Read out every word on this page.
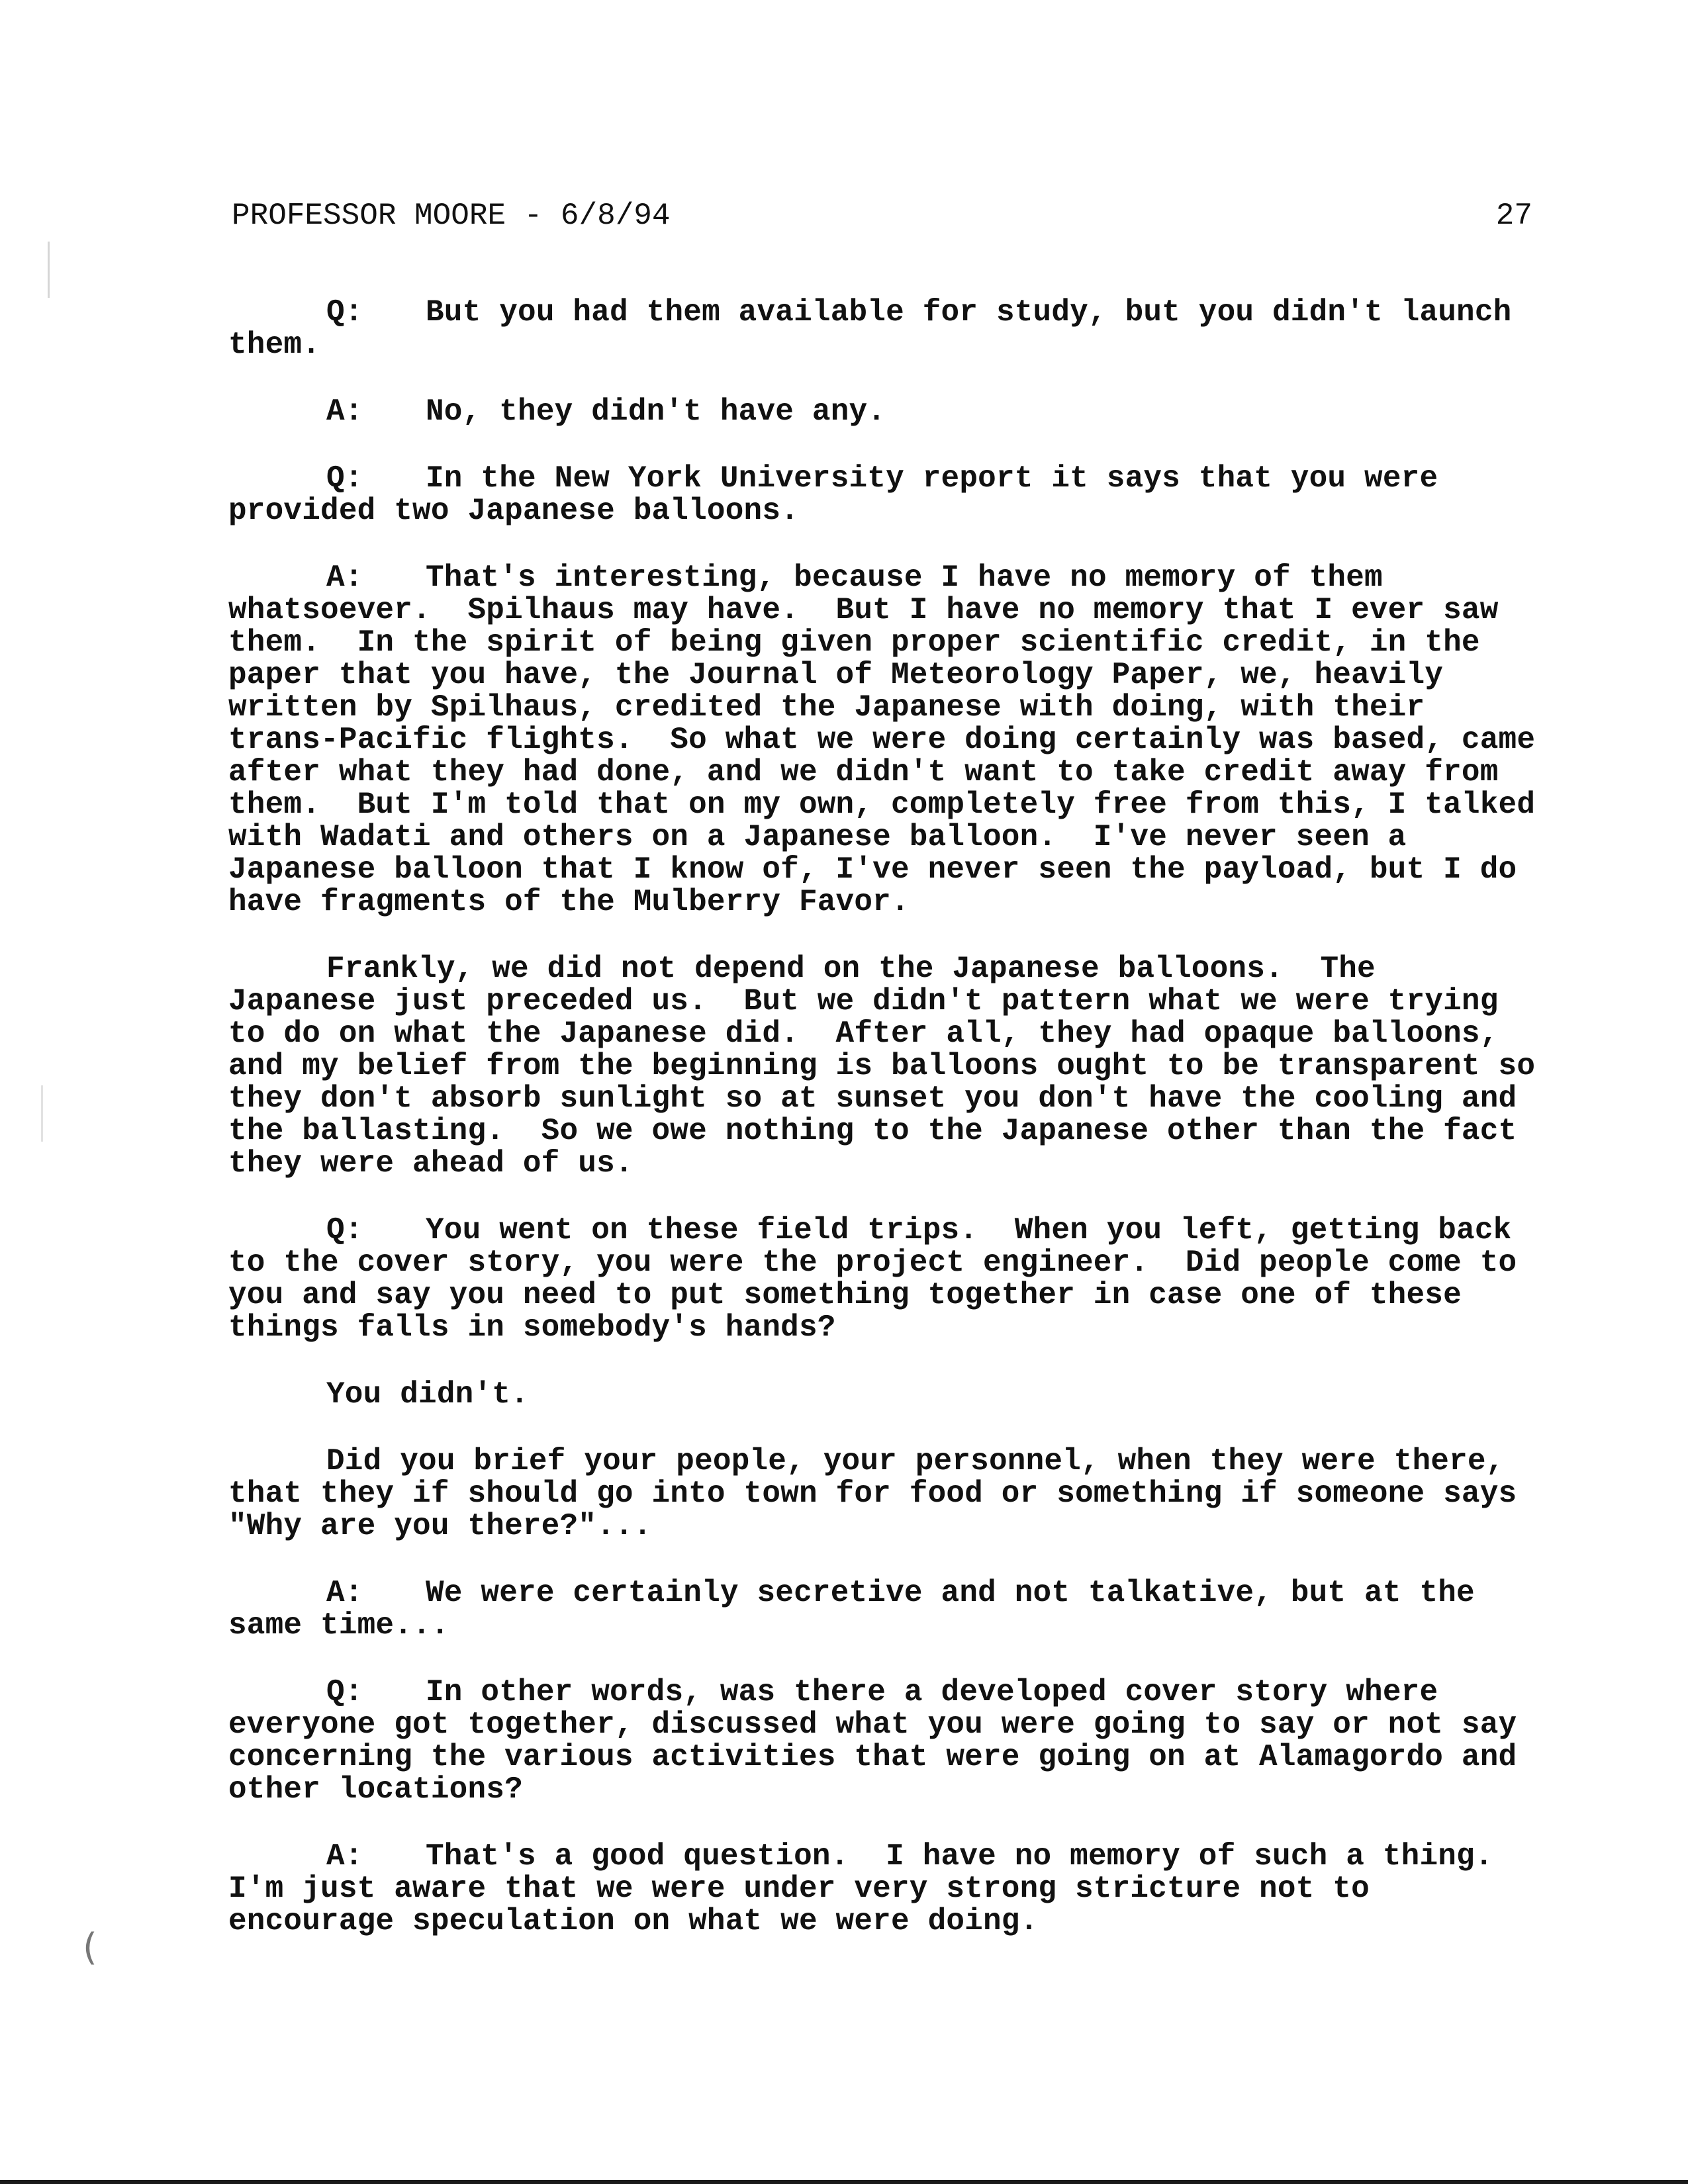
PROFESSOR MOORE - 6/8/94	27

Q: But you had them available for study, but you didn't launch them.

A: No, they didn't have any.

Q: In the New York University report it says that you were provided two Japanese balloons.

A: That's interesting, because I have no memory of them whatsoever.  Spilhaus may have.  But I have no memory that I ever saw them.  In the spirit of being given proper scientific credit, in the paper that you have, the Journal of Meteorology Paper, we, heavily written by Spilhaus, credited the Japanese with doing, with their trans-Pacific flights.  So what we were doing certainly was based, came after what they had done, and we didn't want to take credit away from them.  But I'm told that on my own, completely free from this, I talked with Wadati and others on a Japanese balloon.  I've never seen a Japanese balloon that I know of, I've never seen the payload, but I do have fragments of the Mulberry Favor.

Frankly, we did not depend on the Japanese balloons.  The Japanese just preceded us.  But we didn't pattern what we were trying to do on what the Japanese did.  After all, they had opaque balloons, and my belief from the beginning is balloons ought to be transparent so they don't absorb sunlight so at sunset you don't have the cooling and the ballasting.  So we owe nothing to the Japanese other than the fact they were ahead of us.

Q: You went on these field trips.  When you left, getting back to the cover story, you were the project engineer.  Did people come to you and say you need to put something together in case one of these things falls in somebody's hands?

You didn't.

Did you brief your people, your personnel, when they were there, that they if should go into town for food or something if someone says "Why are you there?"...

A: We were certainly secretive and not talkative, but at the same time...

Q: In other words, was there a developed cover story where everyone got together, discussed what you were going to say or not say concerning the various activities that were going on at Alamagordo and other locations?

A: That's a good question.  I have no memory of such a thing.  I'm just aware that we were under very strong stricture not to encourage speculation on what we were doing.

(
